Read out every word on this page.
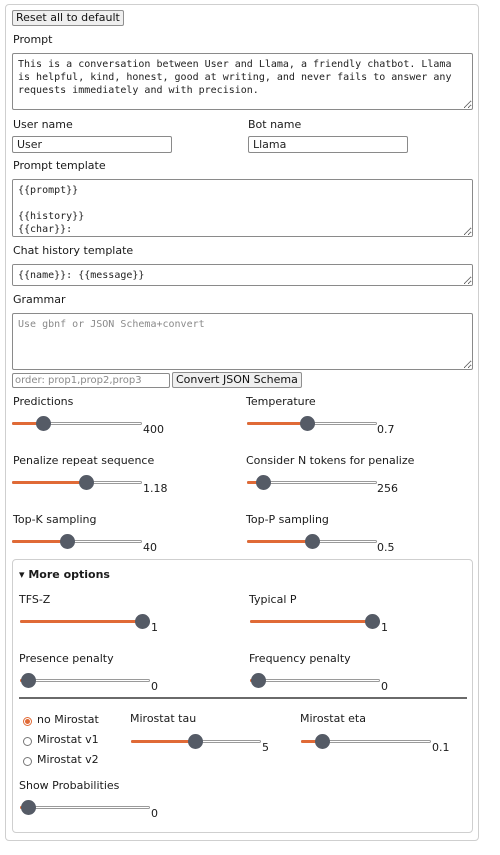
Reset all to default
Prompt
This is a conversation between User and Llama, a friendly chatbot. Llama is helpful, kind, honest, good at writing, and never fails to answer any requests immediately and with precision.
User name
User	Bot name
Llama
Prompt template
{{prompt}} {{history}} {{char}}:
Chat history template
{{name}}: {{message}}
Grammar
Use gbnf or JSON Schema+convert
order: prop1,prop2,prop3
Convert JSON Schema
Predictions
400
Temperature
0.7
Penalize repeat sequence
1.18
Consider N tokens for penalize
256
Top-K sampling
40
Top-P sampling
0.5
▾ More options
TFS-Z
1
Typical P
1
Presence penalty
0
Frequency penalty
0
no Mirostat
Mirostat v1
Mirostat v2
Mirostat tau
5
Mirostat eta
0.1
Show Probabilities
0
